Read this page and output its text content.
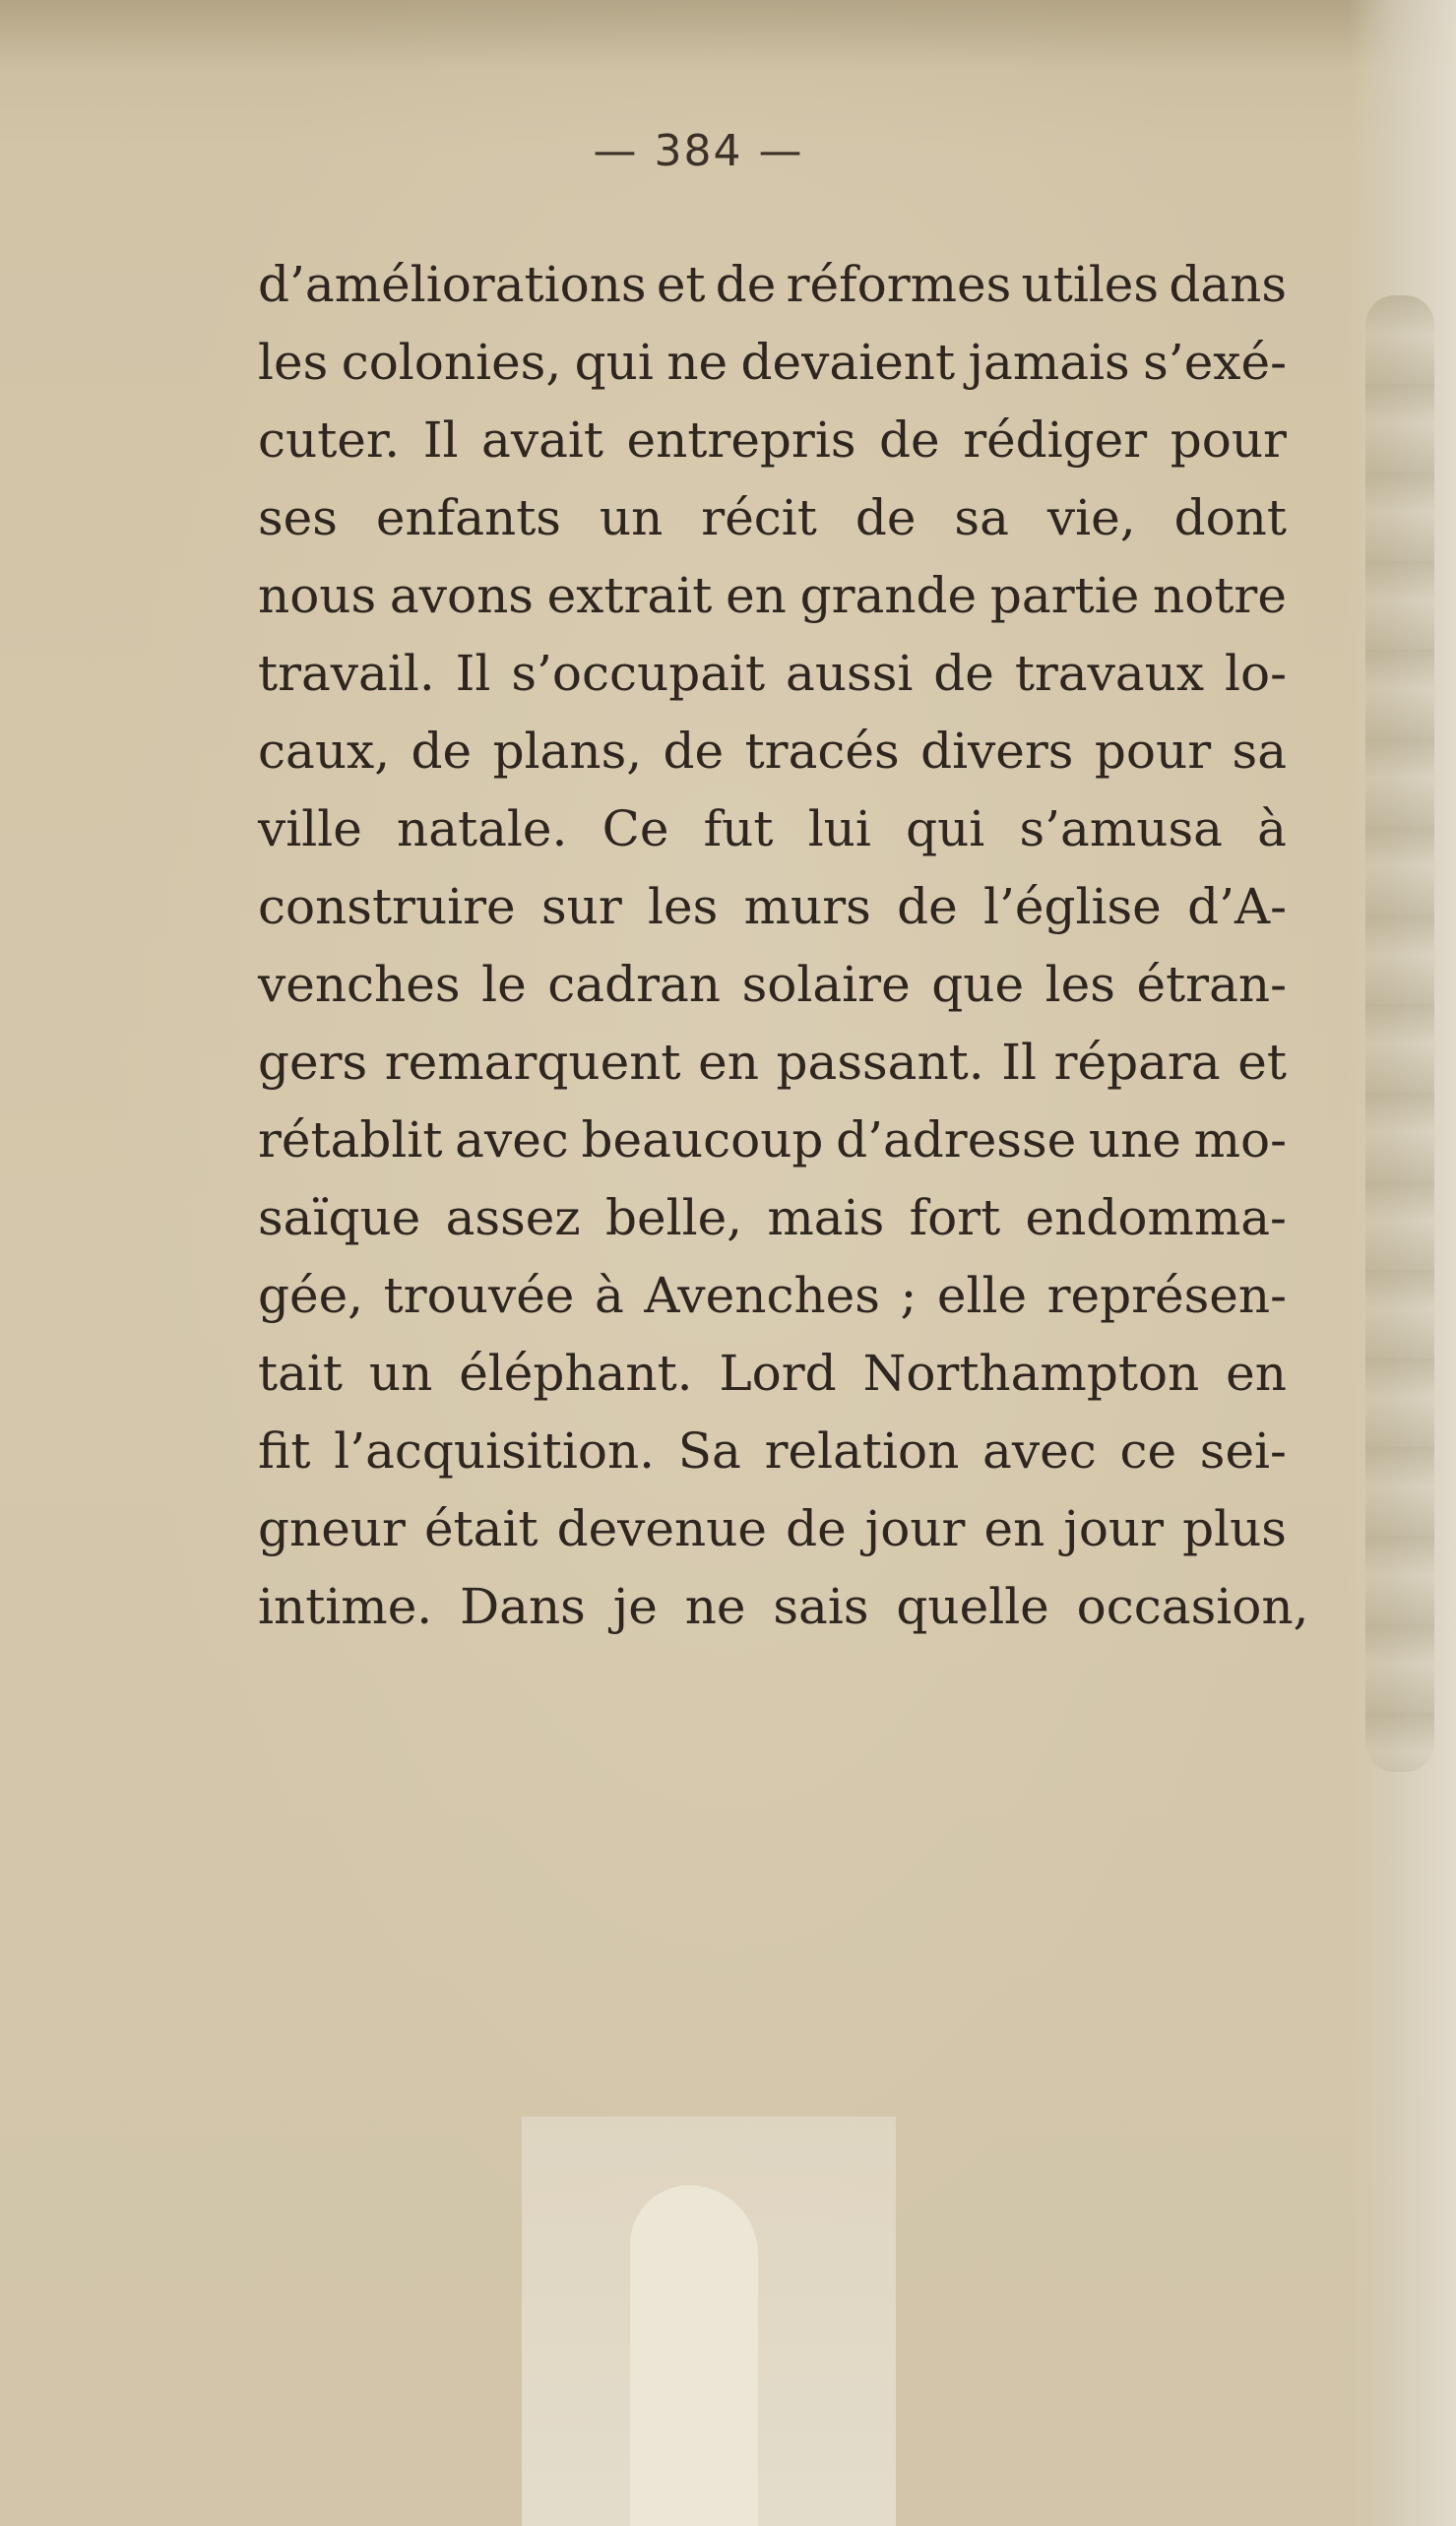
— 384 —
d’améliorations et de réformes utiles dans
les colonies, qui ne devaient jamais s’exé-
cuter. Il avait entrepris de rédiger pour
ses enfants un récit de sa vie, dont
nous avons extrait en grande partie notre
travail. Il s’occupait aussi de travaux lo-
caux, de plans, de tracés divers pour sa
ville natale. Ce fut lui qui s’amusa à
construire sur les murs de l’église d’A-
venches le cadran solaire que les étran-
gers remarquent en passant. Il répara et
rétablit avec beaucoup d’adresse une mo-
saïque assez belle, mais fort endomma-
gée, trouvée à Avenches ; elle représen-
tait un éléphant. Lord Northampton en
fit l’acquisition. Sa relation avec ce sei-
gneur était devenue de jour en jour plus
intime. Dans je ne sais quelle occasion,
